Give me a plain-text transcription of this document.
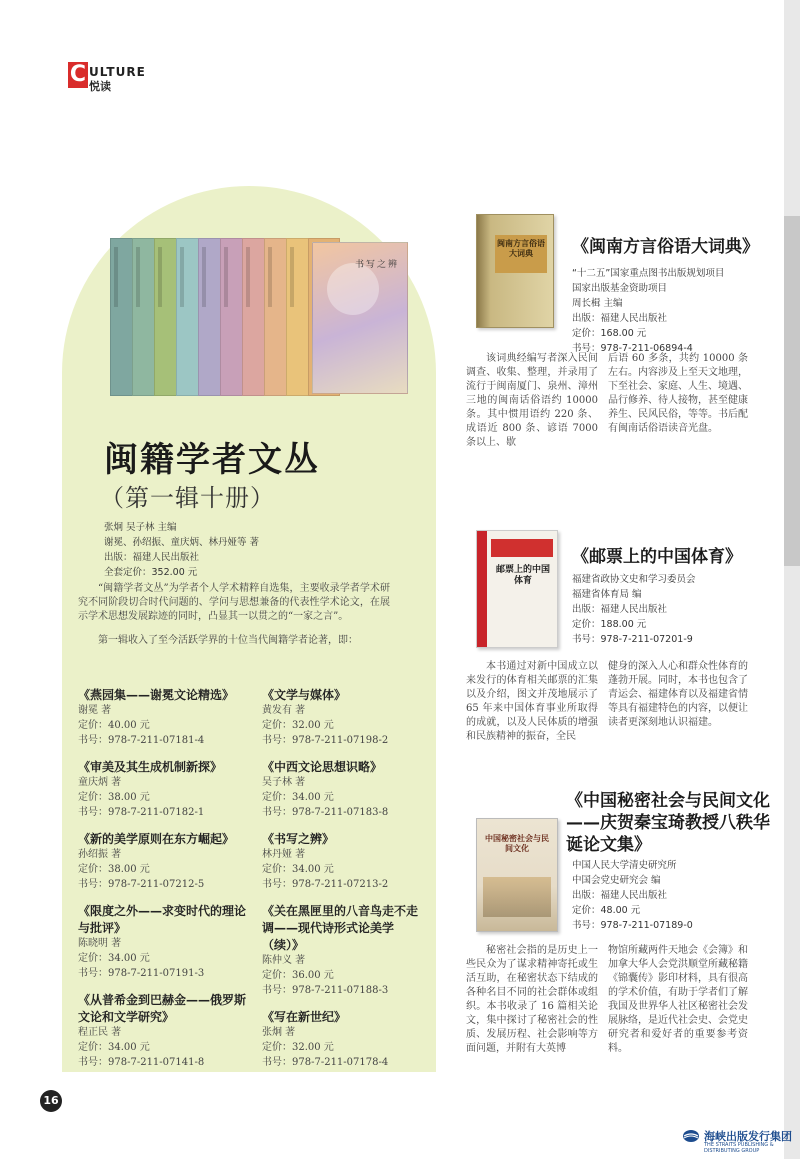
C ULTURE
悦读
书写之辨
闽籍学者文丛
（第一辑十册）
张炯 吴子林 主编
谢冕、孙绍振、童庆炳、林丹娅等 著
出版：福建人民出版社
全套定价：352.00 元
“闽籍学者文丛”为学者个人学术精粹自选集，主要收录学者学术研究不同阶段切合时代问题的、学问与思想兼备的代表性学术论文，在展示学术思想发展踪迹的同时，凸显其一以贯之的“一家之言”。
第一辑收入了至今活跃学界的十位当代闽籍学者论著，即：
《燕园集——谢冕文论精选》
谢冕 著
定价：40.00 元
书号：978-7-211-07181-4
《审美及其生成机制新探》
童庆炳 著
定价：38.00 元
书号：978-7-211-07182-1
《新的美学原则在东方崛起》
孙绍振 著
定价：38.00 元
书号：978-7-211-07212-5
《限度之外——求变时代的理论与批评》
陈晓明 著
定价：34.00 元
书号：978-7-211-07191-3
《从普希金到巴赫金——俄罗斯文论和文学研究》
程正民 著
定价：34.00 元
书号：978-7-211-07141-8
《文学与媒体》
黄发有 著
定价：32.00 元
书号：978-7-211-07198-2
《中西文论思想识略》
吴子林 著
定价：34.00 元
书号：978-7-211-07183-8
《书写之辨》
林丹娅 著
定价：34.00 元
书号：978-7-211-07213-2
《关在黑匣里的八音鸟走不走调——现代诗形式论美学（续）》
陈仲义 著
定价：36.00 元
书号：978-7-211-07188-3
《写在新世纪》
张炯 著
定价：32.00 元
书号：978-7-211-07178-4
闽南方言俗语大词典	《闽南方言俗语大词典》
“十二五”国家重点图书出版规划项目
国家出版基金资助项目
周长楫 主编
出版：福建人民出版社
定价：168.00 元
书号：978-7-211-06894-4
该词典经编写者深入民间调查、收集、整理，并录用了流行于闽南厦门、泉州、漳州三地的闽南话俗语约 10000 条。其中惯用语约 220 条、成语近 800 条、谚语 7000 条以上、歇
后语 60 多条，共约 10000 条左右。内容涉及上至天文地理，下至社会、家庭、人生、境遇、品行修养、待人接物，甚至健康养生、民风民俗，等等。书后配有闽南话俗语读音光盘。
邮票上的中国体育
《邮票上的中国体育》
福建省政协文史和学习委员会
福建省体育局 编
出版：福建人民出版社
定价：188.00 元
书号：978-7-211-07201-9
本书通过对新中国成立以来发行的体育相关邮票的汇集以及介绍，图文并茂地展示了 65 年来中国体育事业所取得的成就，以及人民体质的增强和民族精神的振奋，全民
健身的深入人心和群众性体育的蓬勃开展。同时，本书也包含了青运会、福建体育以及福建省情等具有福建特色的内容，以便让读者更深刻地认识福建。
《中国秘密社会与民间文化——庆贺秦宝琦教授八秩华诞论文集》
中国秘密社会与民间文化
中国人民大学清史研究所
中国会党史研究会 编
出版：福建人民出版社
定价：48.00 元
书号：978-7-211-07189-0
秘密社会指的是历史上一些民众为了谋求精神寄托或生活互助，在秘密状态下结成的各种名目不同的社会群体或组织。本书收录了 16 篇相关论文，集中探讨了秘密社会的性质、发展历程、社会影响等方面问题，并附有大英博
物馆所藏两件天地会《会簿》和加拿大华人会党洪顺堂所藏秘籍《锦囊传》影印材料，具有很高的学术价值，有助于学者们了解我国及世界华人社区秘密社会发展脉络，是近代社会史、会党史研究者和爱好者的重要参考资料。
16
海峡出版发行集团
THE STRAITS PUBLISHING & DISTRIBUTING GROUP
